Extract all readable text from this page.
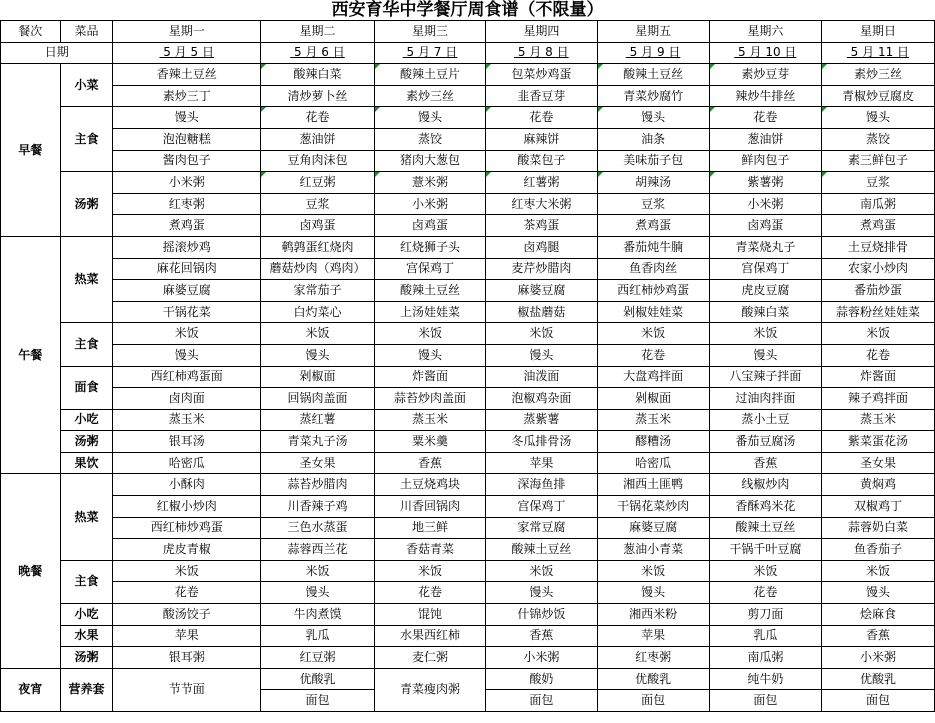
西安育华中学餐厅周食谱（不限量）
餐次	菜品	星期一	星期二	星期三	星期四	星期五	星期六	星期日
日期		5 月 5 日	5 月 6 日	5 月 7 日	5 月 8 日	5 月 9 日	5 月 10 日	5 月 11 日
早餐	小菜	香辣土豆丝	酸辣白菜	酸辣土豆片	包菜炒鸡蛋	酸辣土豆丝	素炒豆芽	素炒三丝
		素炒三丁	清炒萝卜丝	素炒三丝	韭香豆芽	青菜炒腐竹	辣炒牛排丝	青椒炒豆腐皮
	主食	馒头	花卷	馒头	花卷	馒头	花卷	馒头
		泡泡糖糕	葱油饼	蒸饺	麻辣饼	油条	葱油饼	蒸饺
		酱肉包子	豆角肉沫包	猪肉大葱包	酸菜包子	美味茄子包	鲜肉包子	素三鲜包子
	汤粥	小米粥	红豆粥	薏米粥	红薯粥	胡辣汤	紫薯粥	豆浆
		红枣粥	豆浆	小米粥	红枣大米粥	豆浆	小米粥	南瓜粥
		煮鸡蛋	卤鸡蛋	卤鸡蛋	茶鸡蛋	煮鸡蛋	卤鸡蛋	煮鸡蛋
午餐	热菜	摇滚炒鸡	鹌鹑蛋红烧肉	红烧狮子头	卤鸡腿	番茄炖牛腩	青菜烧丸子	土豆烧排骨
		麻花回锅肉	蘑菇炒肉（鸡肉）	宫保鸡丁	麦芹炒腊肉	鱼香肉丝	宫保鸡丁	农家小炒肉
		麻婆豆腐	家常茄子	酸辣土豆丝	麻婆豆腐	西红柿炒鸡蛋	虎皮豆腐	番茄炒蛋
		干锅花菜	白灼菜心	上汤娃娃菜	椒盐蘑菇	剁椒娃娃菜	酸辣白菜	蒜蓉粉丝娃娃菜
	主食	米饭	米饭	米饭	米饭	米饭	米饭	米饭
		馒头	馒头	馒头	馒头	花卷	馒头	花卷
	面食	西红柿鸡蛋面	剁椒面	炸酱面	油泼面	大盘鸡拌面	八宝辣子拌面	炸酱面
		卤肉面	回锅肉盖面	蒜苔炒肉盖面	泡椒鸡杂面	剁椒面	过油肉拌面	辣子鸡拌面
	小吃	蒸玉米	蒸红薯	蒸玉米	蒸紫薯	蒸玉米	蒸小土豆	蒸玉米
	汤粥	银耳汤	青菜丸子汤	粟米羹	冬瓜排骨汤	醪糟汤	番茄豆腐汤	紫菜蛋花汤
	果饮	哈密瓜	圣女果	香蕉	苹果	哈密瓜	香蕉	圣女果
晚餐	热菜	小酥肉	蒜苔炒腊肉	土豆烧鸡块	深海鱼排	湘西土匪鸭	线椒炒肉	黄焖鸡
		红椒小炒肉	川香辣子鸡	川香回锅肉	宫保鸡丁	干锅花菜炒肉	香酥鸡米花	双椒鸡丁
		西红柿炒鸡蛋	三色水蒸蛋	地三鲜	家常豆腐	麻婆豆腐	酸辣土豆丝	蒜蓉奶白菜
		虎皮青椒	蒜蓉西兰花	香菇青菜	酸辣土豆丝	葱油小青菜	干锅千叶豆腐	鱼香茄子
	主食	米饭	米饭	米饭	米饭	米饭	米饭	米饭
		花卷	馒头	花卷	馒头	馒头	花卷	馒头
	小吃	酸汤饺子	牛肉煮馍	馄饨	什锦炒饭	湘西米粉	剪刀面	烩麻食
	水果	苹果	乳瓜	水果西红柿	香蕉	苹果	乳瓜	香蕉
	汤粥	银耳粥	红豆粥	麦仁粥	小米粥	红枣粥	南瓜粥	小米粥
夜宵	营养套	节节面	优酸乳	青菜瘦肉粥	酸奶	优酸乳	纯牛奶	优酸乳
			面包		面包	面包	面包	面包
